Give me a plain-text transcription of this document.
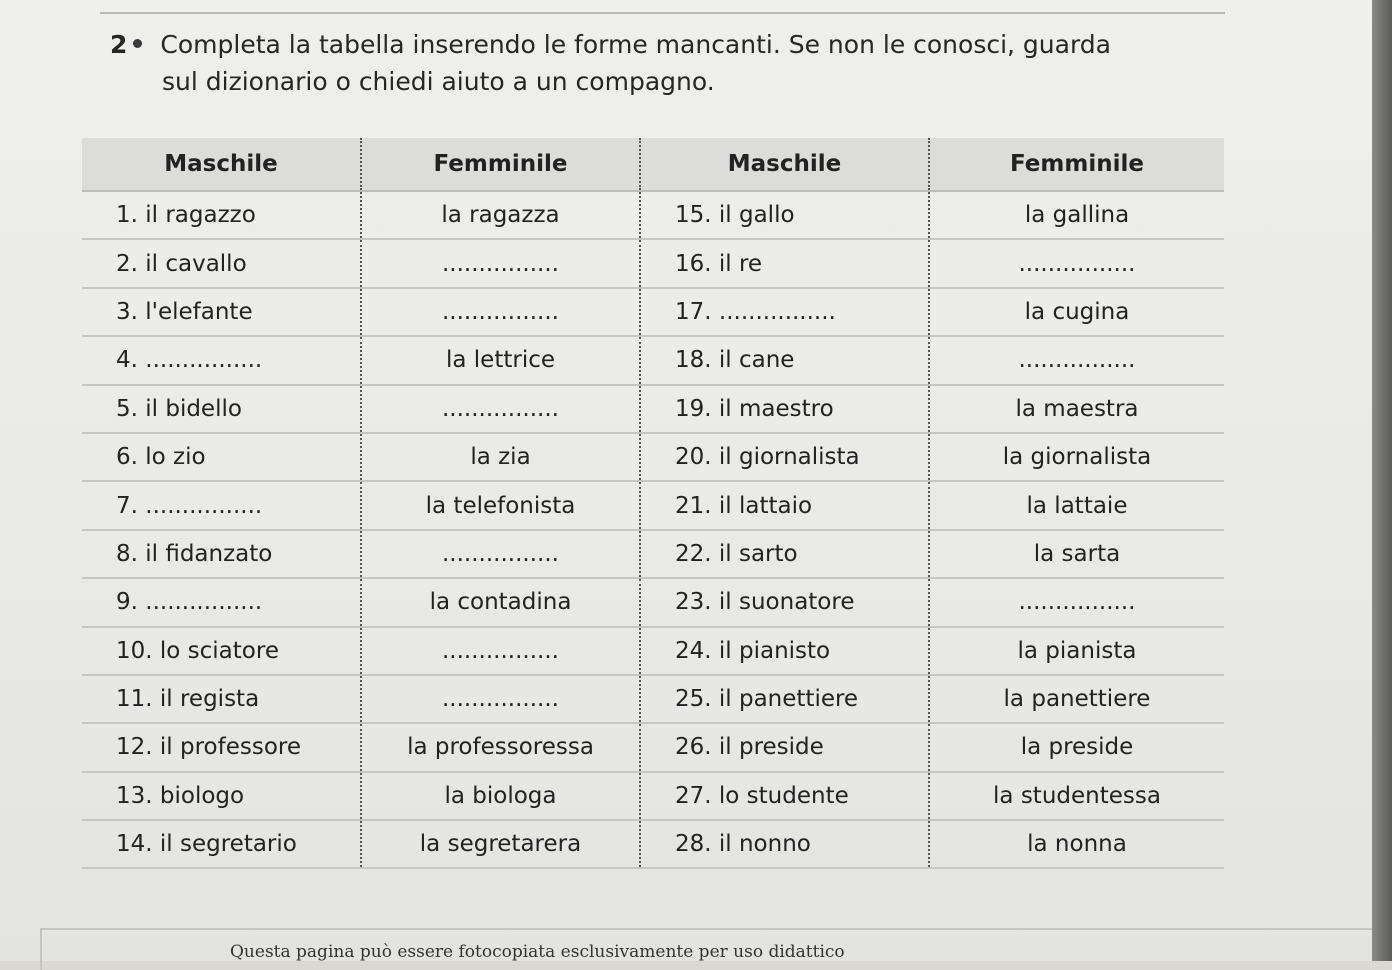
2 Completa la tabella inserendo le forme mancanti. Se non le conosci, guarda
sul dizionario o chiedi aiuto a un compagno.
Maschile	Femminile	Maschile	Femminile
1. il ragazzo	la ragazza	15. il gallo	la gallina
2. il cavallo	................	16. il re	................
3. l'elefante	................	17. ................	la cugina
4. ................	la lettrice	18. il cane	................
5. il bidello	................	19. il maestro	la maestra
6. lo zio	la zia	20. il giornalista	la giornalista
7. ................	la telefonista	21. il lattaio	la lattaie
8. il fidanzato	................	22. il sarto	la sarta
9. ................	la contadina	23. il suonatore	................
10. lo sciatore	................	24. il pianisto	la pianista
11. il regista	................	25. il panettiere	la panettiere
12. il professore	la professoressa	26. il preside	la preside
13. biologo	la biologa	27. lo studente	la studentessa
14. il segretario	la segretarera	28. il nonno	la nonna
Questa pagina può essere fotocopiata esclusivamente per uso didattico
